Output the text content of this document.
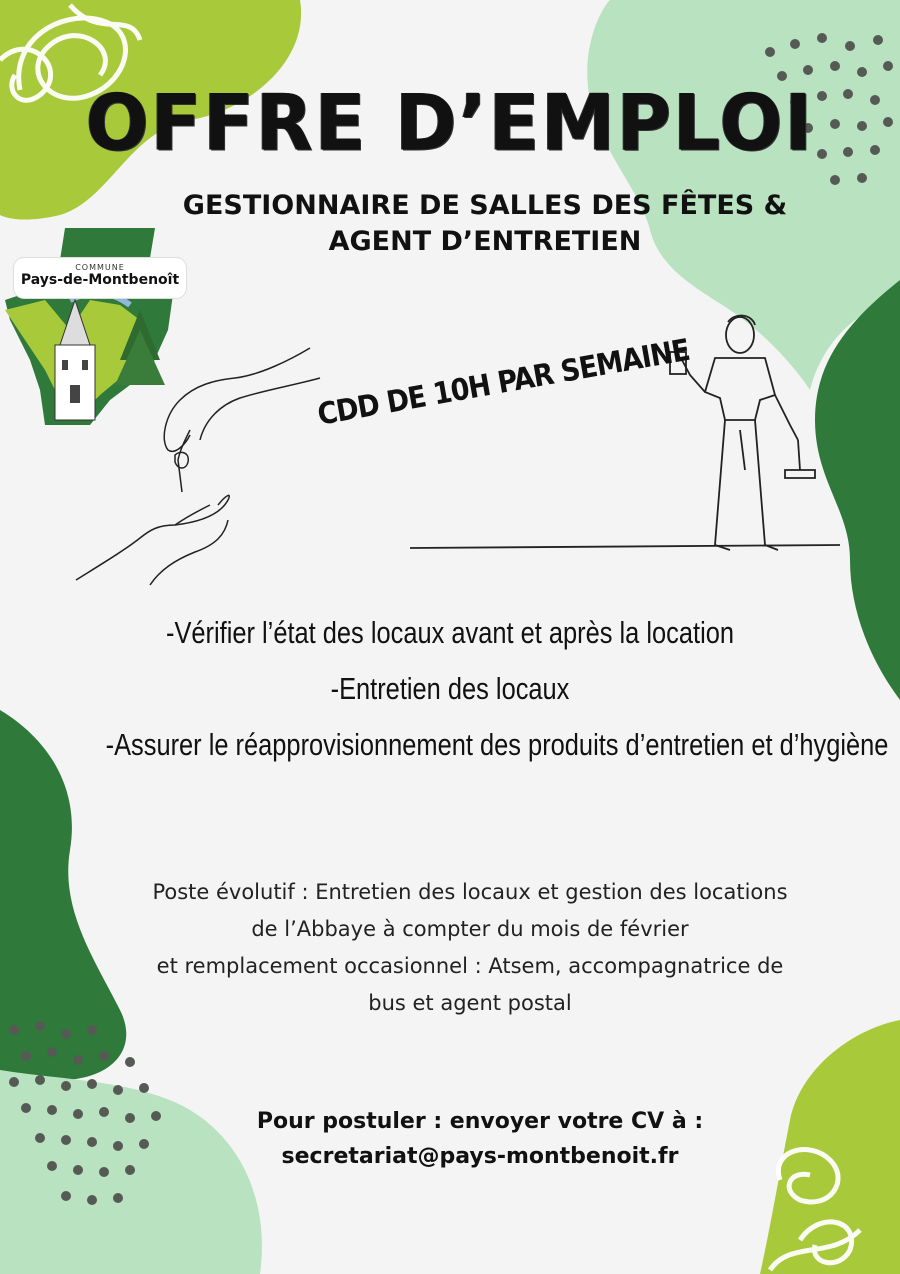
COMMUNE
Pays-de-Montbenoît
OFFRE D’EMPLOI
GESTIONNAIRE DE SALLES DES FÊTES &
AGENT D’ENTRETIEN
CDD DE 10H PAR SEMAINE
-Vérifier l’état des locaux avant et après la location
-Entretien des locaux
-Assurer le réapprovisionnement des produits d’entretien et d’hygiène
Poste évolutif : Entretien des locaux et gestion des locations
de l’Abbaye à compter du mois de février
et remplacement occasionnel : Atsem, accompagnatrice de
bus et agent postal
Pour postuler : envoyer votre CV à :
secretariat@pays-montbenoit.fr
